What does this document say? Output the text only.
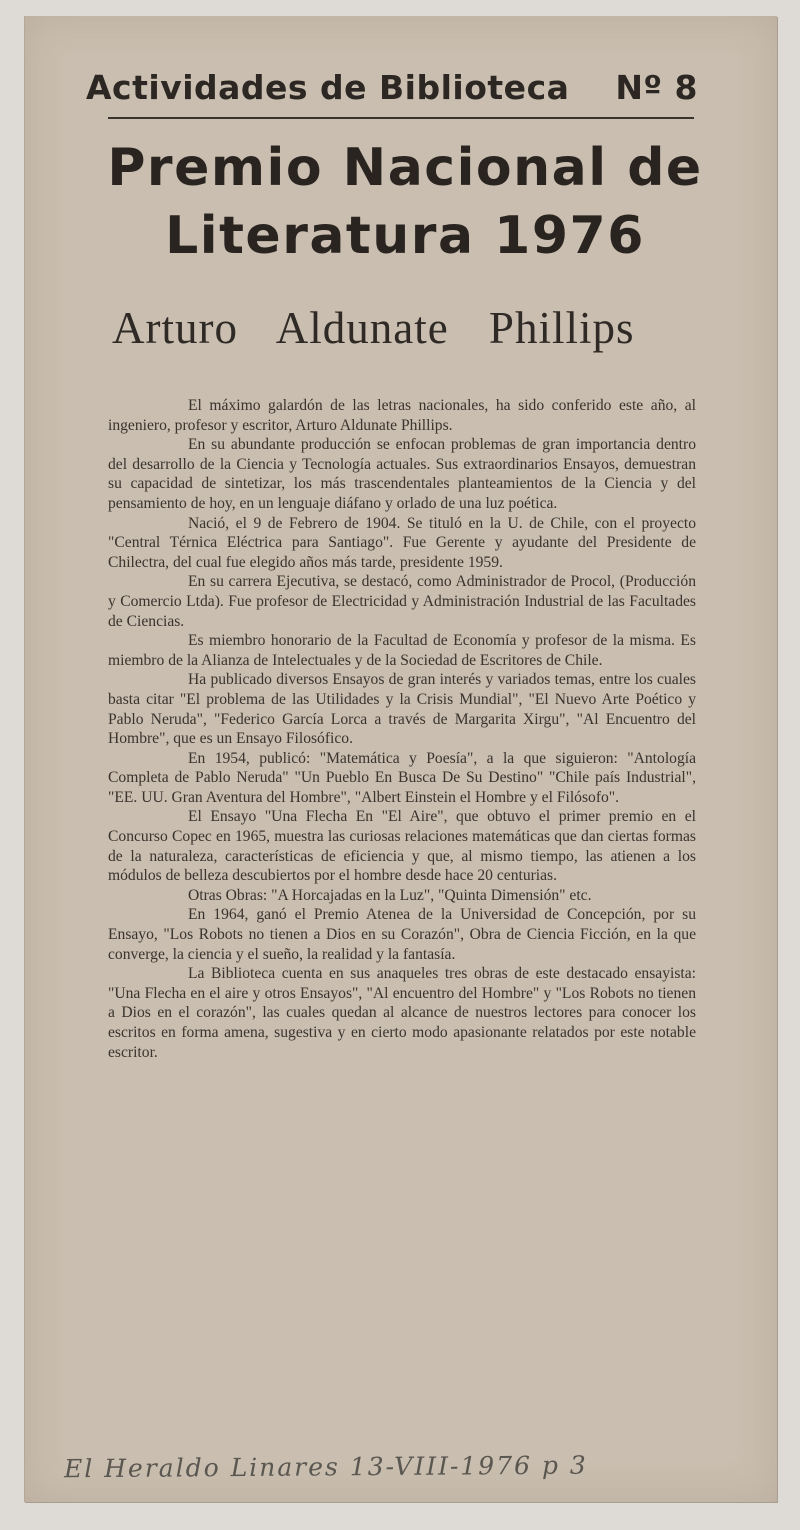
Actividades de Biblioteca Nº 8
Premio Nacional de
Literatura 1976
Arturo Aldunate Phillips

El máximo galardón de las letras nacionales, ha sido conferido este año, al ingeniero, profesor y escritor, Arturo Aldunate Phillips.

En su abundante producción se enfocan problemas de gran importancia dentro del desarrollo de la Ciencia y Tecnología actuales. Sus extraordinarios Ensayos, demuestran su capacidad de sintetizar, los más trascendentales planteamientos de la Ciencia y del pensamiento de hoy, en un lenguaje diáfano y orlado de una luz poética.

Nació, el 9 de Febrero de 1904. Se tituló en la U. de Chile, con el proyecto "Central Térnica Eléctrica para Santiago". Fue Gerente y ayudante del Presidente de Chilectra, del cual fue elegido años más tarde, presidente 1959.

En su carrera Ejecutiva, se destacó, como Administrador de Procol, (Producción y Comercio Ltda). Fue profesor de Electricidad y Administración Industrial de las Facultades de Ciencias.

Es miembro honorario de la Facultad de Economía y profesor de la misma. Es miembro de la Alianza de Intelectuales y de la Sociedad de Escritores de Chile.

Ha publicado diversos Ensayos de gran interés y variados temas, entre los cuales basta citar "El problema de las Utilidades y la Crisis Mundial", "El Nuevo Arte Poético y Pablo Neruda", "Federico García Lorca a través de Margarita Xirgu", "Al Encuentro del Hombre", que es un Ensayo Filosófico.

En 1954, publicó: "Matemática y Poesía", a la que siguieron: "Antología Completa de Pablo Neruda" "Un Pueblo En Busca De Su Destino" "Chile país Industrial", "EE. UU. Gran Aventura del Hombre", "Albert Einstein el Hombre y el Filósofo".

El Ensayo "Una Flecha En "El Aire", que obtuvo el primer premio en el Concurso Copec en 1965, muestra las curiosas relaciones matemáticas que dan ciertas formas de la naturaleza, características de eficiencia y que, al mismo tiempo, las atienen a los módulos de belleza descubiertos por el hombre desde hace 20 centurias.

Otras Obras: "A Horcajadas en la Luz", "Quinta Dimensión" etc.

En 1964, ganó el Premio Atenea de la Universidad de Concepción, por su Ensayo, "Los Robots no tienen a Dios en su Corazón", Obra de Ciencia Ficción, en la que converge, la ciencia y el sueño, la realidad y la fantasía.

La Biblioteca cuenta en sus anaqueles tres obras de este destacado ensayista: "Una Flecha en el aire y otros Ensayos", "Al encuentro del Hombre" y "Los Robots no tienen a Dios en el corazón", las cuales quedan al alcance de nuestros lectores para conocer los escritos en forma amena, sugestiva y en cierto modo apasionante relatados por este notable escritor.

El Heraldo Linares 13-VIII-1976 p 3
